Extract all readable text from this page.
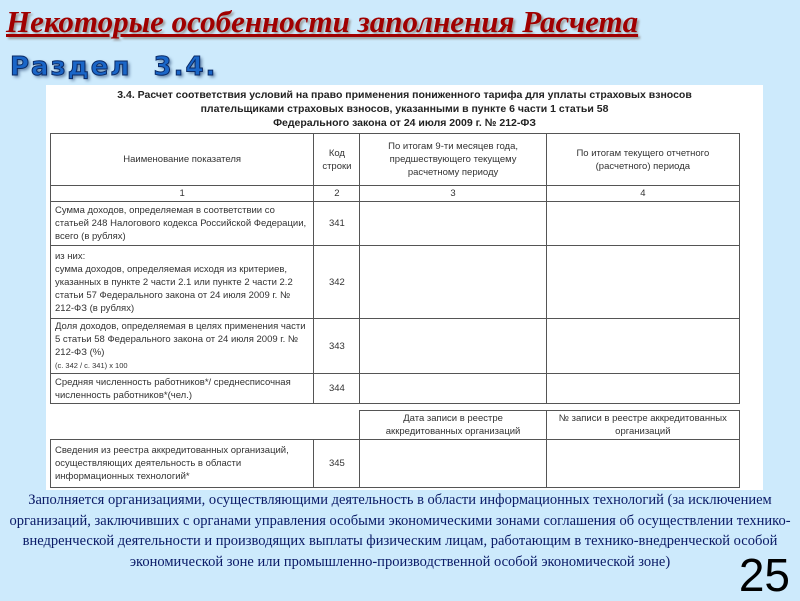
Некоторые особенности заполнения Расчета
Раздел  3.4.
3.4. Расчет соответствия условий на право применения пониженного тарифа для уплаты страховых взносов
плательщиками страховых взносов, указанными в пункте 6 части 1 статьи 58
Федерального закона от 24 июля 2009 г. № 212-ФЗ
Наименование показателя	Код строки	По итогам 9-ти месяцев года, предшествующего текущему расчетному периоду	По итогам текущего отчетного (расчетного) периода
1	2	3	4
Сумма доходов, определяемая в соответствии со статьей 248 Налогового кодекса Российской Федерации, всего (в рублях)	341		

из них:
сумма доходов, определяемая исходя из критериев, указанных в пункте 2 части 2.1 или пункте 2 части 2.2 статьи 57 Федерального закона от 24 июля 2009 г. № 212-ФЗ (в рублях)	342		

Доля доходов, определяемая в целях применения части 5 статьи 58 Федерального закона от 24 июля 2009 г. № 212-ФЗ (%)
(с. 342 / с. 341) х 100	343		
Средняя численность работников*/ среднесписочная численность работников*(чел.)	344		
		Дата записи в реестре аккредитованных организаций	№ записи в реестре аккредитованных организаций
Сведения из реестра аккредитованных организаций, осуществляющих деятельность в области информационных технологий*	345		
Заполняется организациями, осуществляющими деятельность в области информационных технологий (за исключением организаций, заключивших с органами управления особыми экономическими зонами соглашения об осуществлении технико-внедренческой деятельности и производящих выплаты физическим лицам, работающим в технико-внедренческой особой экономической зоне или промышленно-производственной особой экономической зоне)	25
